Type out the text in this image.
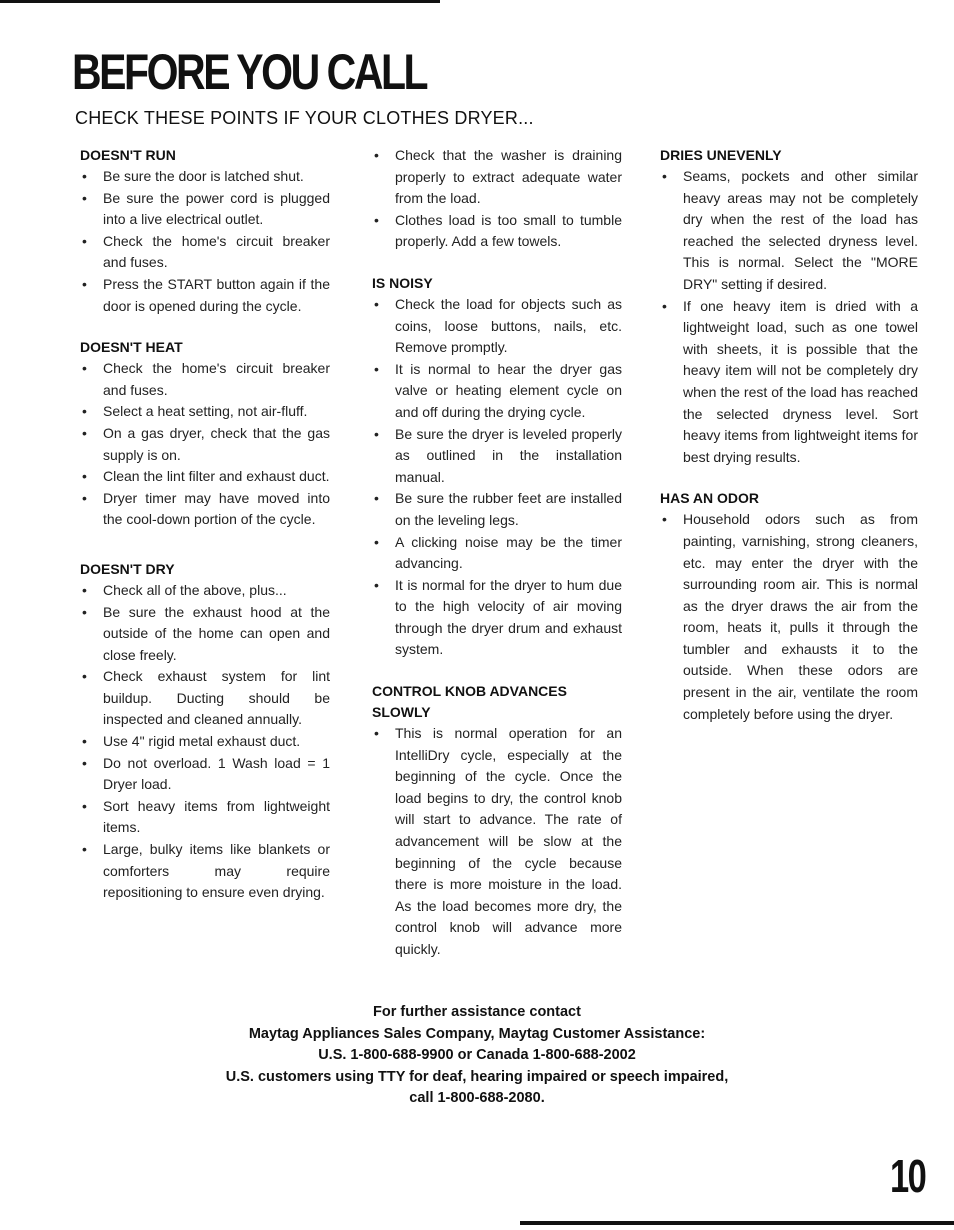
BEFORE YOU CALL
CHECK THESE POINTS IF YOUR CLOTHES DRYER...

DOESN'T RUN

• Be sure the door is latched shut.
• Be sure the power cord is plugged into a live electrical outlet.
• Check the home's circuit breaker and fuses.
• Press the START button again if the door is opened during the cycle.

DOESN'T HEAT

• Check the home's circuit breaker and fuses.
• Select a heat setting, not air-fluff.
• On a gas dryer, check that the gas supply is on.
• Clean the lint filter and exhaust duct.
• Dryer timer may have moved into the cool-down portion of the cycle.

DOESN'T DRY

• Check all of the above, plus...
• Be sure the exhaust hood at the outside of the home can open and close freely.
• Check exhaust system for lint buildup. Ducting should be inspected and cleaned annually.
• Use 4" rigid metal exhaust duct.
• Do not overload. 1 Wash load = 1 Dryer load.
• Sort heavy items from lightweight items.
• Large, bulky items like blankets or comforters may require repositioning to ensure even drying.
• Check that the washer is draining properly to extract adequate water from the load.
• Clothes load is too small to tumble properly. Add a few towels.

IS NOISY

• Check the load for objects such as coins, loose buttons, nails, etc. Remove promptly.
• It is normal to hear the dryer gas valve or heating element cycle on and off during the drying cycle.
• Be sure the dryer is leveled properly as outlined in the installation manual.
• Be sure the rubber feet are installed on the leveling legs.
• A clicking noise may be the timer advancing.
• It is normal for the dryer to hum due to the high velocity of air moving through the dryer drum and exhaust system.

CONTROL KNOB ADVANCES

SLOWLY

• This is normal operation for an IntelliDry cycle, especially at the beginning of the cycle. Once the load begins to dry, the control knob will start to advance. The rate of advancement will be slow at the beginning of the cycle because there is more moisture in the load. As the load becomes more dry, the control knob will advance more quickly.

DRIES UNEVENLY

• Seams, pockets and other similar heavy areas may not be completely dry when the rest of the load has reached the selected dryness level. This is normal. Select the "MORE DRY" setting if desired.
• If one heavy item is dried with a lightweight load, such as one towel with sheets, it is possible that the heavy item will not be completely dry when the rest of the load has reached the selected dryness level. Sort heavy items from lightweight items for best drying results.

HAS AN ODOR

• Household odors such as from painting, varnishing, strong cleaners, etc. may enter the dryer with the surrounding room air. This is normal as the dryer draws the air from the room, heats it, pulls it through the tumbler and exhausts it to the outside. When these odors are present in the air, ventilate the room completely before using the dryer.

For further assistance contact

Maytag Appliances Sales Company, Maytag Customer Assistance:

U.S. 1-800-688-9900 or Canada 1-800-688-2002

U.S. customers using TTY for deaf, hearing impaired or speech impaired,

call 1-800-688-2080.

10
